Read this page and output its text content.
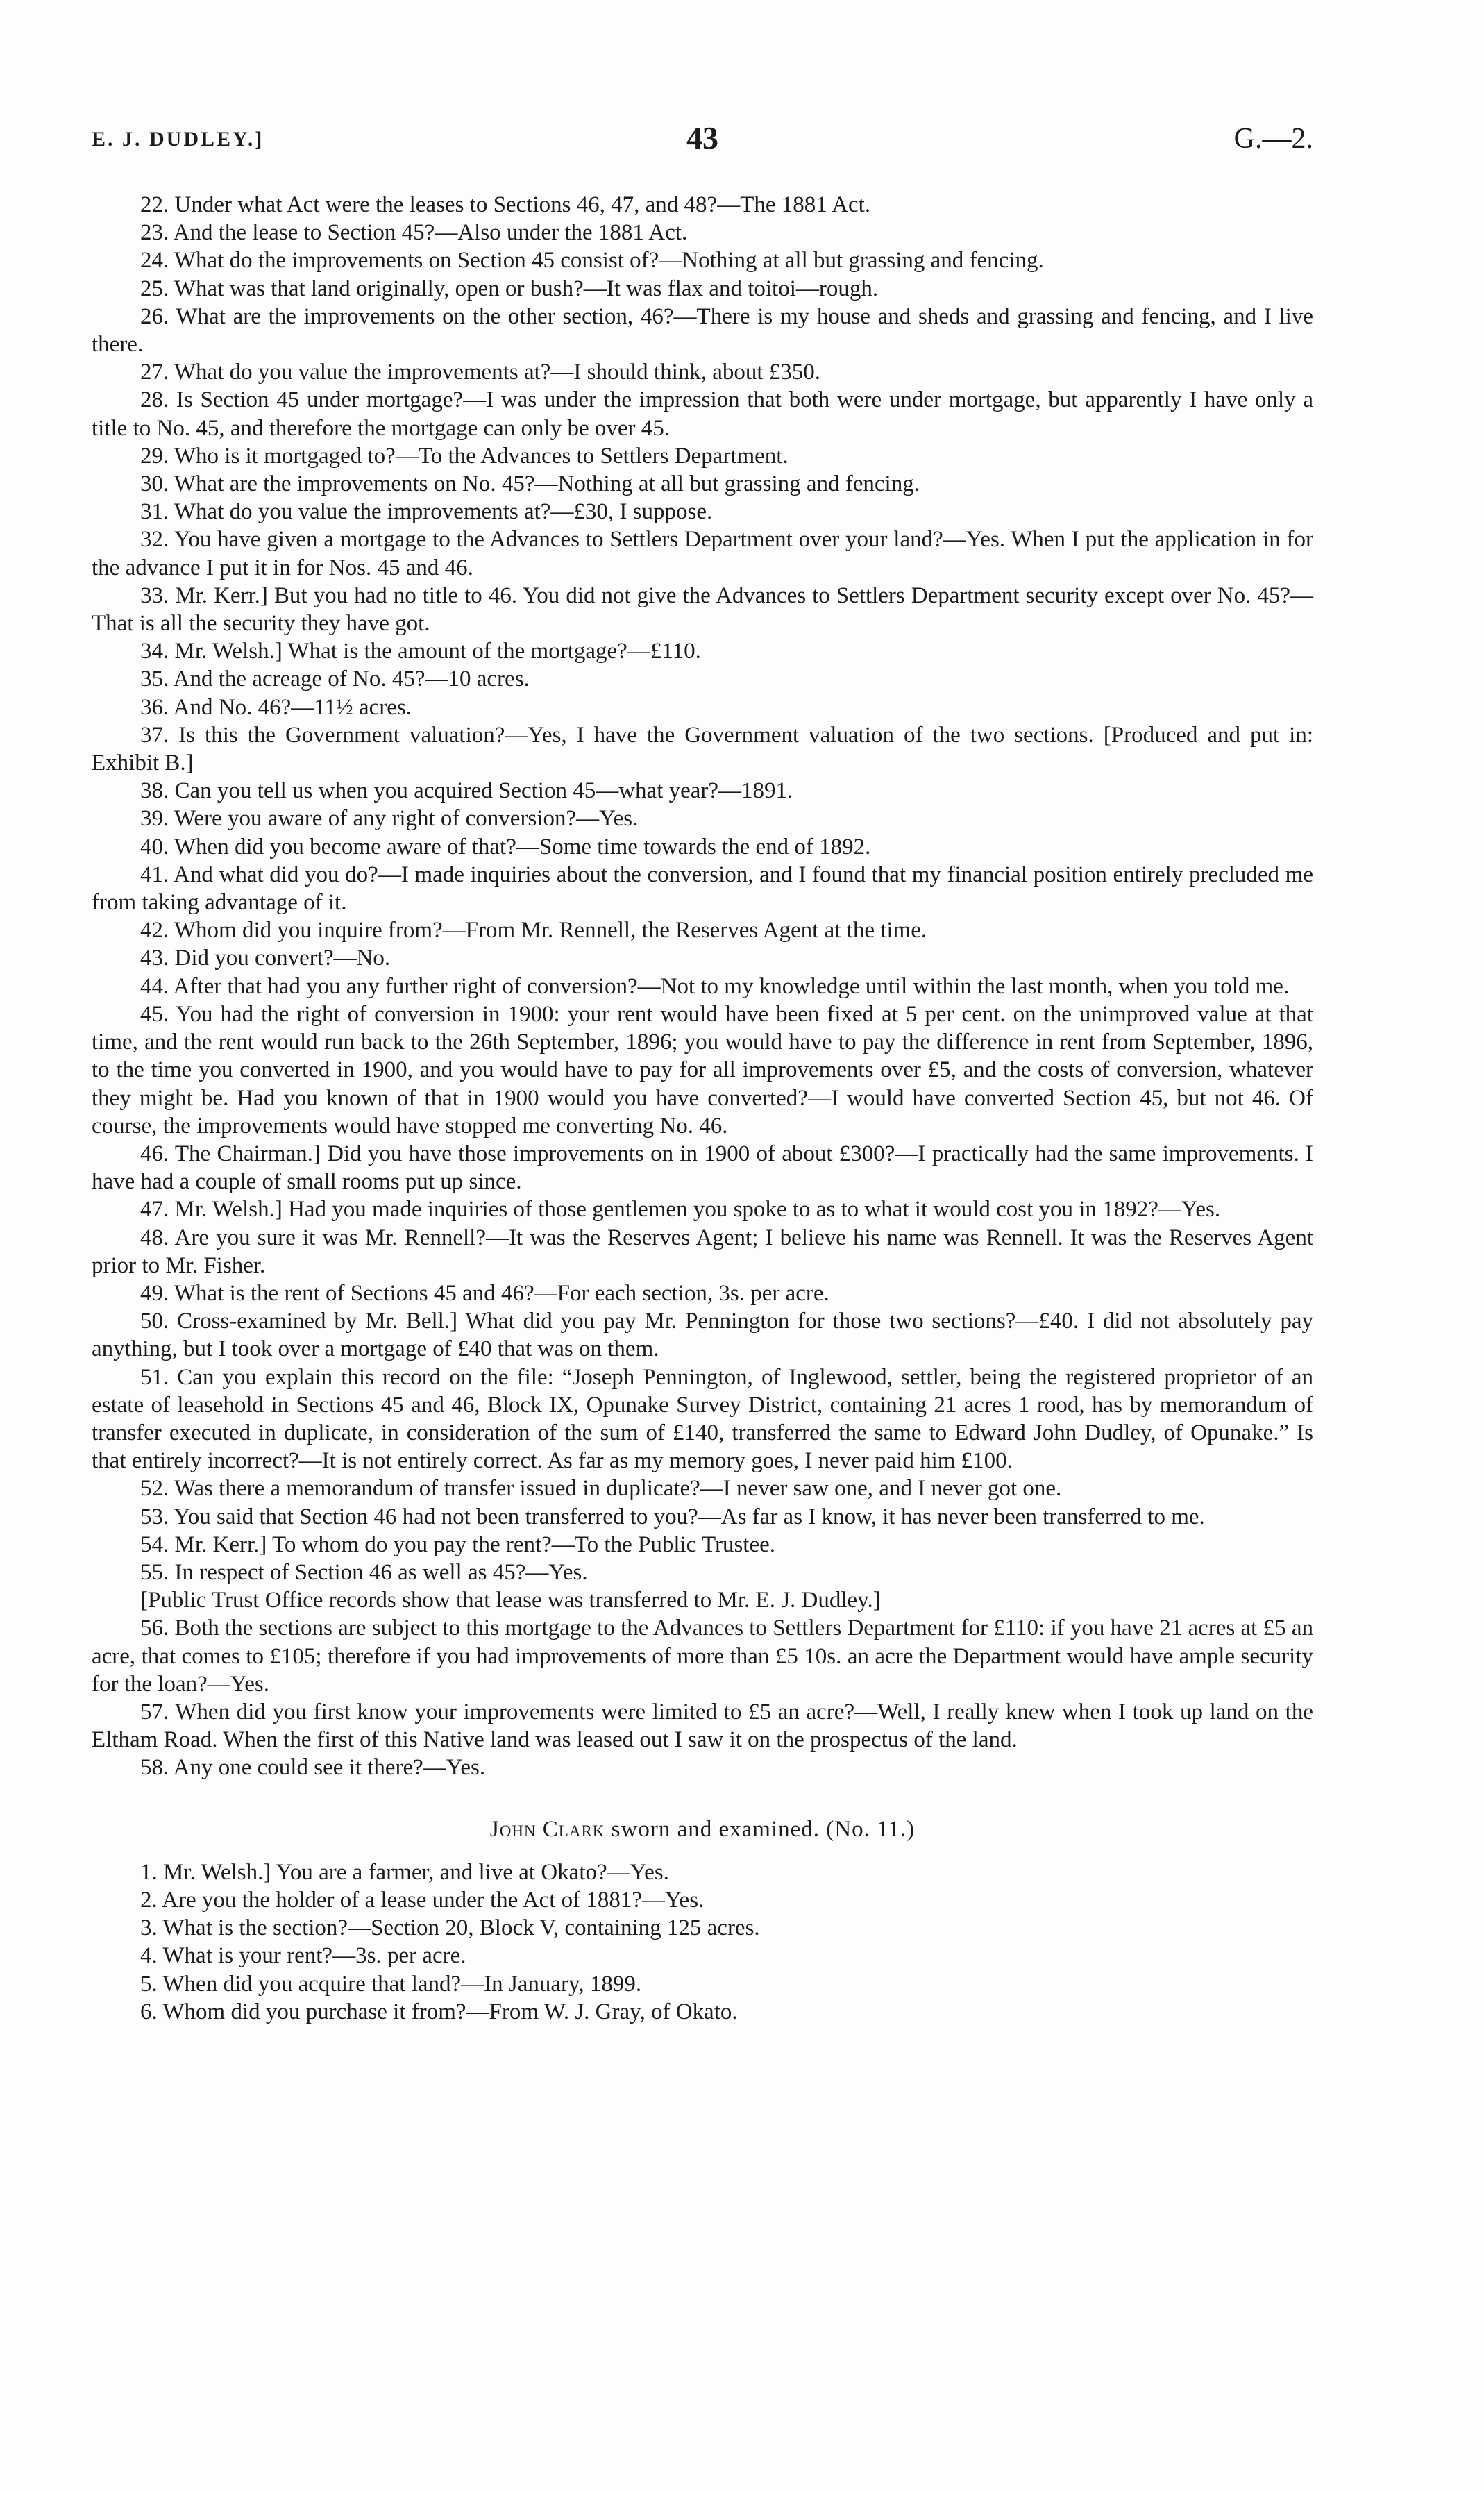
E. J. DUDLEY.]	43	G.—2.

22. Under what Act were the leases to Sections 46, 47, and 48?—The 1881 Act.

23. And the lease to Section 45?—Also under the 1881 Act.

24. What do the improvements on Section 45 consist of?—Nothing at all but grassing and fencing.

25. What was that land originally, open or bush?—It was flax and toitoi—rough.

26. What are the improvements on the other section, 46?—There is my house and sheds and grassing and fencing, and I live there.

27. What do you value the improvements at?—I should think, about £350.

28. Is Section 45 under mortgage?—I was under the impression that both were under mortgage, but apparently I have only a title to No. 45, and therefore the mortgage can only be over 45.

29. Who is it mortgaged to?—To the Advances to Settlers Department.

30. What are the improvements on No. 45?—Nothing at all but grassing and fencing.

31. What do you value the improvements at?—£30, I suppose.

32. You have given a mortgage to the Advances to Settlers Department over your land?—Yes. When I put the application in for the advance I put it in for Nos. 45 and 46.

33. Mr. Kerr.] But you had no title to 46. You did not give the Advances to Settlers Department security except over No. 45?—That is all the security they have got.

34. Mr. Welsh.] What is the amount of the mortgage?—£110.

35. And the acreage of No. 45?—10 acres.

36. And No. 46?—11½ acres.

37. Is this the Government valuation?—Yes, I have the Government valuation of the two sections. [Produced and put in: Exhibit B.]

38. Can you tell us when you acquired Section 45—what year?—1891.

39. Were you aware of any right of conversion?—Yes.

40. When did you become aware of that?—Some time towards the end of 1892.

41. And what did you do?—I made inquiries about the conversion, and I found that my financial position entirely precluded me from taking advantage of it.

42. Whom did you inquire from?—From Mr. Rennell, the Reserves Agent at the time.

43. Did you convert?—No.

44. After that had you any further right of conversion?—Not to my knowledge until within the last month, when you told me.

45. You had the right of conversion in 1900: your rent would have been fixed at 5 per cent. on the unimproved value at that time, and the rent would run back to the 26th September, 1896; you would have to pay the difference in rent from September, 1896, to the time you converted in 1900, and you would have to pay for all improvements over £5, and the costs of conversion, whatever they might be. Had you known of that in 1900 would you have converted?—I would have converted Section 45, but not 46. Of course, the improvements would have stopped me converting No. 46.

46. The Chairman.] Did you have those improvements on in 1900 of about £300?—I practically had the same improvements. I have had a couple of small rooms put up since.

47. Mr. Welsh.] Had you made inquiries of those gentlemen you spoke to as to what it would cost you in 1892?—Yes.

48. Are you sure it was Mr. Rennell?—It was the Reserves Agent; I believe his name was Rennell. It was the Reserves Agent prior to Mr. Fisher.

49. What is the rent of Sections 45 and 46?—For each section, 3s. per acre.

50. Cross-examined by Mr. Bell.] What did you pay Mr. Pennington for those two sections?—£40. I did not absolutely pay anything, but I took over a mortgage of £40 that was on them.

51. Can you explain this record on the file: “Joseph Pennington, of Inglewood, settler, being the registered proprietor of an estate of leasehold in Sections 45 and 46, Block IX, Opunake Survey District, containing 21 acres 1 rood, has by memorandum of transfer executed in duplicate, in consideration of the sum of £140, transferred the same to Edward John Dudley, of Opunake.” Is that entirely incorrect?—It is not entirely correct. As far as my memory goes, I never paid him £100.

52. Was there a memorandum of transfer issued in duplicate?—I never saw one, and I never got one.

53. You said that Section 46 had not been transferred to you?—As far as I know, it has never been transferred to me.

54. Mr. Kerr.] To whom do you pay the rent?—To the Public Trustee.

55. In respect of Section 46 as well as 45?—Yes.

[Public Trust Office records show that lease was transferred to Mr. E. J. Dudley.]

56. Both the sections are subject to this mortgage to the Advances to Settlers Department for £110: if you have 21 acres at £5 an acre, that comes to £105; therefore if you had improvements of more than £5 10s. an acre the Department would have ample security for the loan?—Yes.

57. When did you first know your improvements were limited to £5 an acre?—Well, I really knew when I took up land on the Eltham Road. When the first of this Native land was leased out I saw it on the prospectus of the land.

58. Any one could see it there?—Yes.

John Clark sworn and examined. (No. 11.)

1. Mr. Welsh.] You are a farmer, and live at Okato?—Yes.

2. Are you the holder of a lease under the Act of 1881?—Yes.

3. What is the section?—Section 20, Block V, containing 125 acres.

4. What is your rent?—3s. per acre.

5. When did you acquire that land?—In January, 1899.

6. Whom did you purchase it from?—From W. J. Gray, of Okato.
